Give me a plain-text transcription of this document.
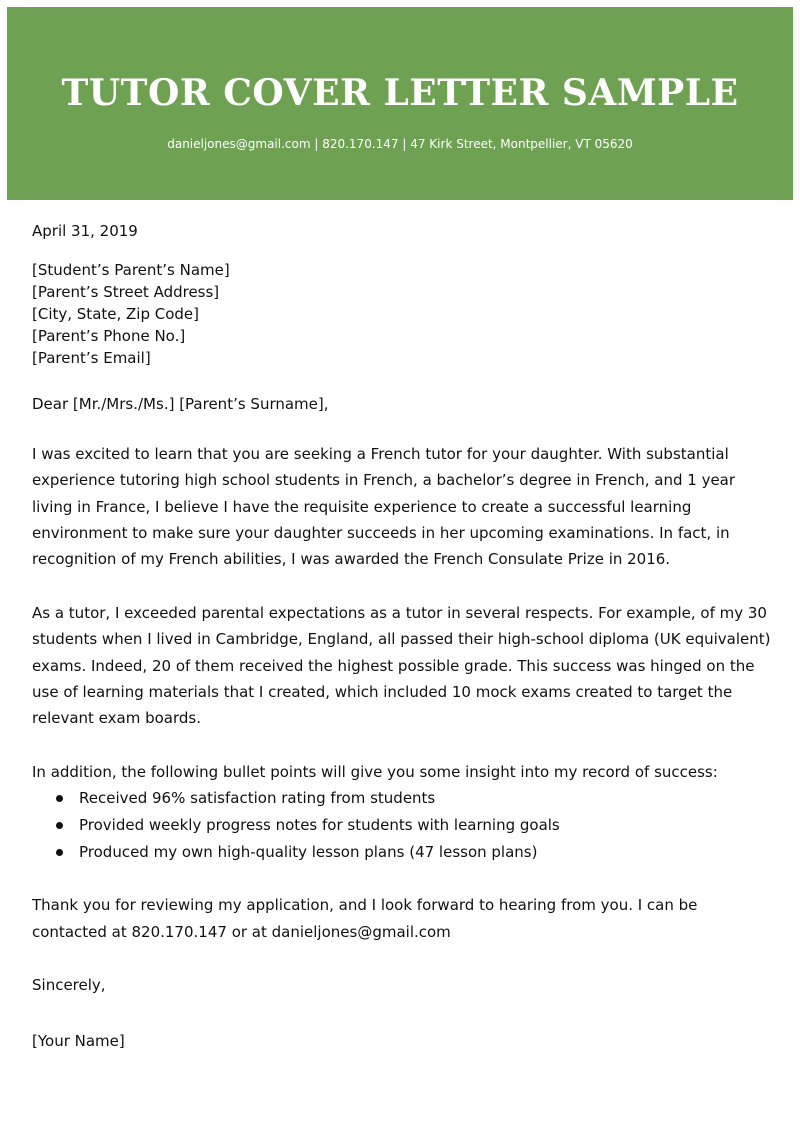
TUTOR COVER LETTER SAMPLE
danieljones@gmail.com | 820.170.147 | 47 Kirk Street, Montpellier, VT 05620

April 31, 2019

[Student’s Parent’s Name]
[Parent’s Street Address]
[City, State, Zip Code]
[Parent’s Phone No.]
[Parent’s Email]

Dear [Mr./Mrs./Ms.] [Parent’s Surname],

I was excited to learn that you are seeking a French tutor for your daughter. With substantial experience tutoring high school students in French, a bachelor’s degree in French, and 1 year living in France, I believe I have the requisite experience to create a successful learning environment to make sure your daughter succeeds in her upcoming examinations. In fact, in recognition of my French abilities, I was awarded the French Consulate Prize in 2016.

As a tutor, I exceeded parental expectations as a tutor in several respects. For example, of my 30 students when I lived in Cambridge, England, all passed their high-school diploma (UK equivalent) exams. Indeed, 20 of them received the highest possible grade. This success was hinged on the use of learning materials that I created, which included 10 mock exams created to target the relevant exam boards.

In addition, the following bullet points will give you some insight into my record of success:

Received 96% satisfaction rating from students
Provided weekly progress notes for students with learning goals
Produced my own high-quality lesson plans (47 lesson plans)

Thank you for reviewing my application, and I look forward to hearing from you. I can be contacted at 820.170.147 or at danieljones@gmail.com

Sincerely,

[Your Name]
